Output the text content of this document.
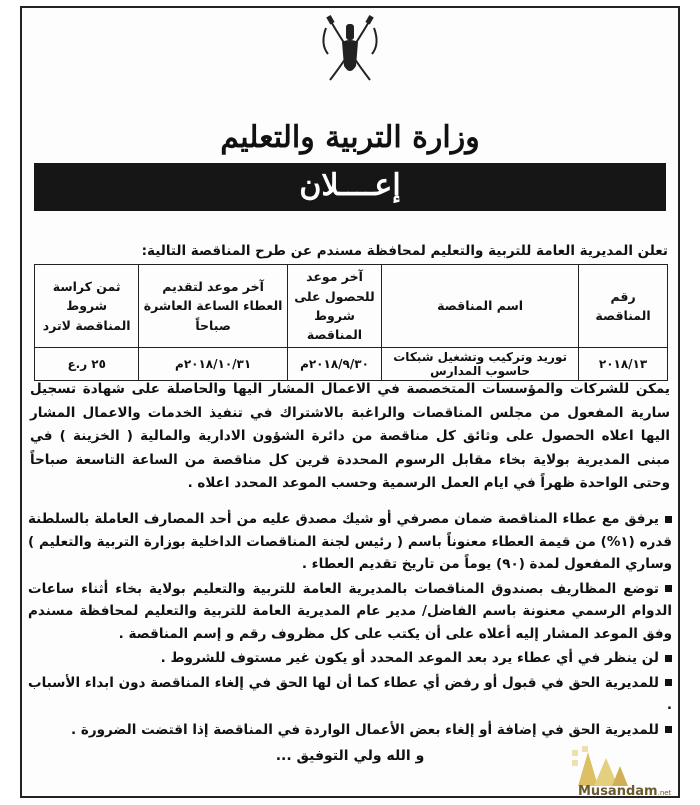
وزارة التربية والتعليم
إعــــلان
تعلن المديرية العامة للتربية والتعليم لمحافظة مسندم عن طرح المناقصة التالية:
رقم المناقصة	اسم المناقصة	آخر موعد للحصول على شروط المناقصة	آخر موعد لتقديم العطاء الساعة العاشرة صباحاً	ثمن كراسة شروط المناقصة لاترد
٢٠١٨/١٣	توريد وتركيب وتشغيل شبكات حاسوب المدارس	٢٠١٨/٩/٣٠م	٢٠١٨/١٠/٣١م	٢٥ ر.ع

يمكن للشركات والمؤسسات المتخصصة في الاعمال المشار اليها والحاصلة على شهادة تسجيل سارية المفعول من مجلس المناقصات والراغبة بالاشتراك في تنفيذ الخدمات والاعمال المشار اليها اعلاه الحصول على وثائق كل مناقصة من دائرة الشؤون الادارية والمالية ( الخزينة ) في مبنى المديرية بولاية بخاء مقابل الرسوم المحددة قرين كل مناقصة من الساعة التاسعة صباحاً وحتى الواحدة ظهراً في ايام العمل الرسمية وحسب الموعد المحدد اعلاه .

يرفق مع عطاء المناقصة ضمان مصرفي أو شيك مصدق عليه من أحد المصارف العاملة بالسلطنة قدره (١%) من قيمة العطاء معنوناً باسم ( رئيس لجنة المناقصات الداخلية بوزارة التربية والتعليم ) وساري المفعول لمدة (٩٠) يوماً من تاريخ تقديم العطاء .
توضع المظاريف بصندوق المناقصات بالمديرية العامة للتربية والتعليم بولاية بخاء أثناء ساعات الدوام الرسمي معنونة باسم الفاضل/ مدير عام المديرية العامة للتربية والتعليم لمحافظة مسندم وفق الموعد المشار إليه أعلاه على أن يكتب على كل مظروف رقم و إسم المناقصة .
لن ينظر في أي عطاء يرد بعد الموعد المحدد أو يكون غير مستوف للشروط .
للمديرية الحق في قبول أو رفض أي عطاء كما أن لها الحق في إلغاء المناقصة دون ابداء الأسباب .
للمديرية الحق في إضافة أو إلغاء بعض الأعمال الواردة في المناقصة إذا اقتضت الضرورة .
و الله ولي التوفيق ...
Musandam.net
